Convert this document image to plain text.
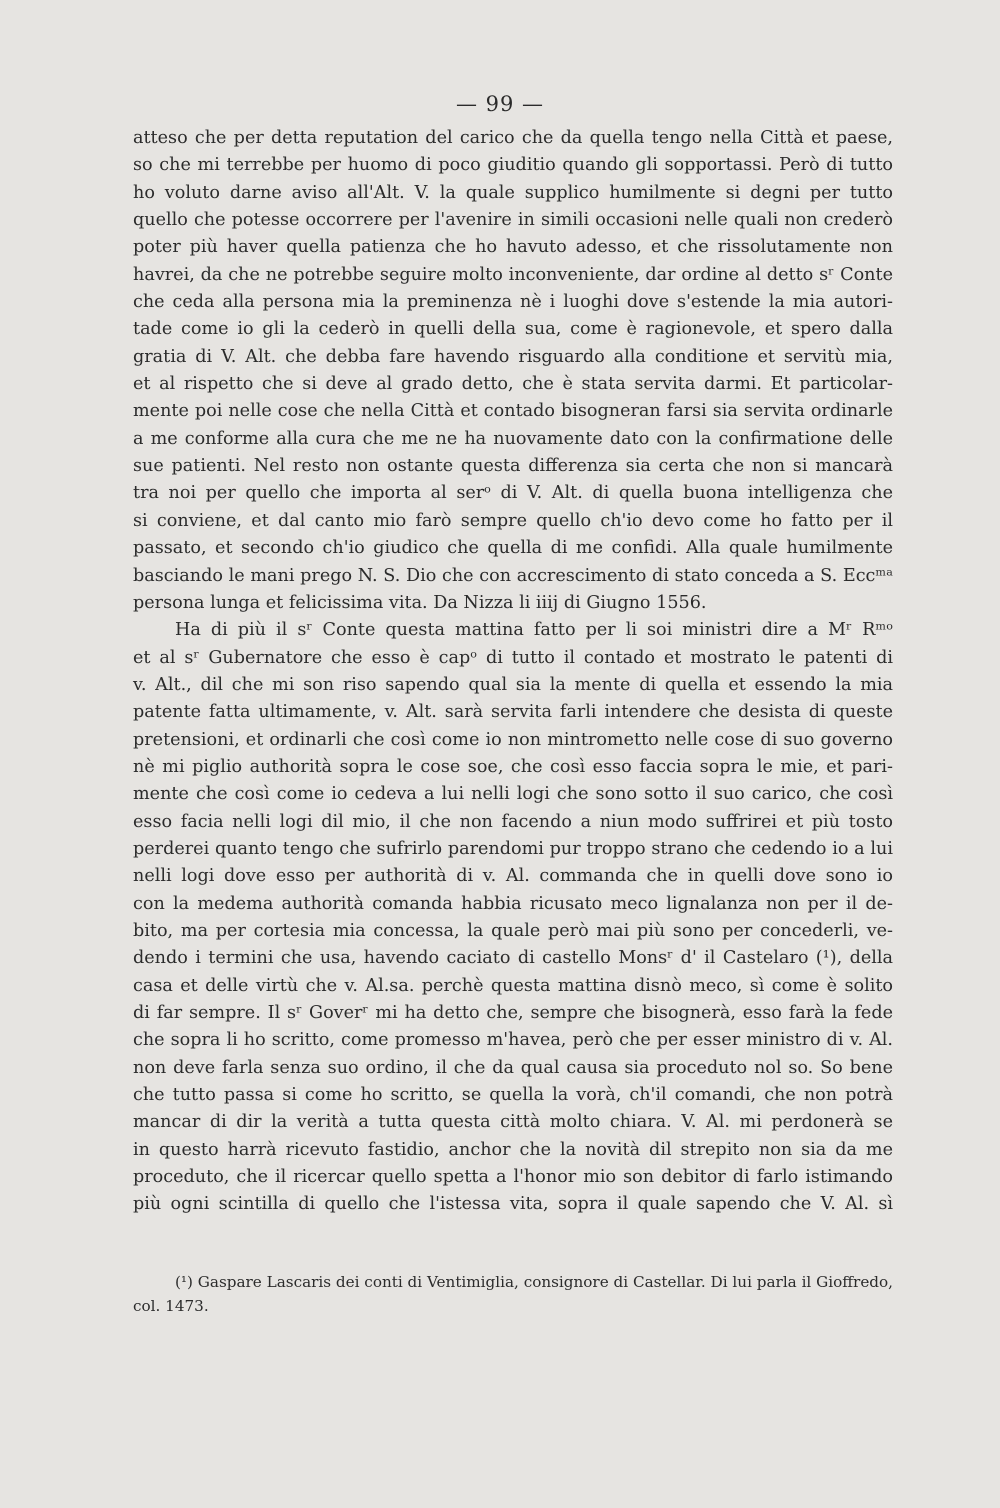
— 99 —
atteso che per detta reputation del carico che da quella tengo nella Città et paese,
so che mi terrebbe per huomo di poco giuditio quando gli sopportassi. Però di tutto
ho voluto darne aviso all'Alt. V. la quale supplico humilmente si degni per tutto
quello che potesse occorrere per l'avenire in simili occasioni nelle quali non crederò
poter più haver quella patienza che ho havuto adesso, et che rissolutamente non
havrei, da che ne potrebbe seguire molto inconveniente, dar ordine al detto sʳ Conte
che ceda alla persona mia la preminenza nè i luoghi dove s'estende la mia autori-
tade come io gli la cederò in quelli della sua, come è ragionevole, et spero dalla
gratia di V. Alt. che debba fare havendo risguardo alla conditione et servitù mia,
et al rispetto che si deve al grado detto, che è stata servita darmi. Et particolar-
mente poi nelle cose che nella Città et contado bisogneran farsi sia servita ordinarle
a me conforme alla cura che me ne ha nuovamente dato con la confirmatione delle
sue patienti. Nel resto non ostante questa differenza sia certa che non si mancarà
tra noi per quello che importa al serᵒ di V. Alt. di quella buona intelligenza che
si conviene, et dal canto mio farò sempre quello ch'io devo come ho fatto per il
passato, et secondo ch'io giudico che quella di me confidi. Alla quale humilmente
basciando le mani prego N. S. Dio che con accrescimento di stato conceda a S. Eccᵐᵃ
persona lunga et felicissima vita. Da Nizza li iiij di Giugno 1556.
Ha di più il sʳ Conte questa mattina fatto per li soi ministri dire a Mʳ Rᵐᵒ
et al sʳ Gubernatore che esso è capᵒ di tutto il contado et mostrato le patenti di
v. Alt., dil che mi son riso sapendo qual sia la mente di quella et essendo la mia
patente fatta ultimamente, v. Alt. sarà servita farli intendere che desista di queste
pretensioni, et ordinarli che così come io non mintrometto nelle cose di suo governo
nè mi piglio authorità sopra le cose soe, che così esso faccia sopra le mie, et pari-
mente che così come io cedeva a lui nelli logi che sono sotto il suo carico, che così
esso facia nelli logi dil mio, il che non facendo a niun modo suffrirei et più tosto
perderei quanto tengo che sufrirlo parendomi pur troppo strano che cedendo io a lui
nelli logi dove esso per authorità di v. Al. commanda che in quelli dove sono io
con la medema authorità comanda habbia ricusato meco lignalanza non per il de-
bito, ma per cortesia mia concessa, la quale però mai più sono per concederli, ve-
dendo i termini che usa, havendo caciato di castello Monsʳ d' il Castelaro (¹), della
casa et delle virtù che v. Al.sa. perchè questa mattina disnò meco, sì come è solito
di far sempre. Il sʳ Goverʳ mi ha detto che, sempre che bisognerà, esso farà la fede
che sopra li ho scritto, come promesso m'havea, però che per esser ministro di v. Al.
non deve farla senza suo ordino, il che da qual causa sia proceduto nol so. So bene
che tutto passa si come ho scritto, se quella la vorà, ch'il comandi, che non potrà
mancar di dir la verità a tutta questa città molto chiara. V. Al. mi perdonerà se
in questo harrà ricevuto fastidio, anchor che la novità dil strepito non sia da me
proceduto, che il ricercar quello spetta a l'honor mio son debitor di farlo istimando
più ogni scintilla di quello che l'istessa vita, sopra il quale sapendo che V. Al. sì
(¹) Gaspare Lascaris dei conti di Ventimiglia, consignore di Castellar. Di lui parla il Gioffredo,
col. 1473.
